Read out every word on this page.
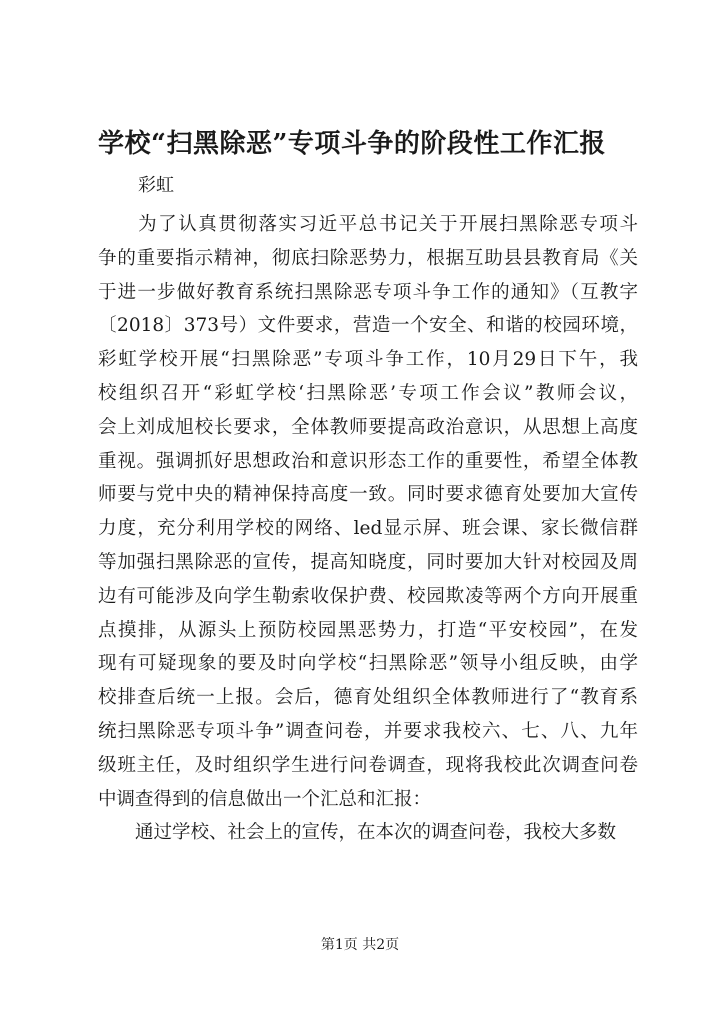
学校“扫黑除恶”专项斗争的阶段性工作汇报
彩虹
　　为了认真贯彻落实习近平总书记关于开展扫黑除恶专项斗
争的重要指示精神，彻底扫除恶势力，根据互助县县教育局《关
于进一步做好教育系统扫黑除恶专项斗争工作的通知》（互教字
〔2018〕373号）文件要求，营造一个安全、和谐的校园环境，
彩虹学校开展“扫黑除恶”专项斗争工作，10月29日下午，我
校组织召开“彩虹学校‘扫黑除恶’专项工作会议”教师会议，
会上刘成旭校长要求，全体教师要提高政治意识，从思想上高度
重视。强调抓好思想政治和意识形态工作的重要性，希望全体教
师要与党中央的精神保持高度一致。同时要求德育处要加大宣传
力度，充分利用学校的网络、led显示屏、班会课、家长微信群
等加强扫黑除恶的宣传，提高知晓度，同时要加大针对校园及周
边有可能涉及向学生勒索收保护费、校园欺凌等两个方向开展重
点摸排，从源头上预防校园黑恶势力，打造“平安校园”，在发
现有可疑现象的要及时向学校“扫黑除恶”领导小组反映，由学
校排查后统一上报。会后，德育处组织全体教师进行了“教育系
统扫黑除恶专项斗争”调查问卷，并要求我校六、七、八、九年
级班主任，及时组织学生进行问卷调查，现将我校此次调查问卷
中调查得到的信息做出一个汇总和汇报：
　　通过学校、社会上的宣传，在本次的调查问卷，我校大多数
第1页 共2页
